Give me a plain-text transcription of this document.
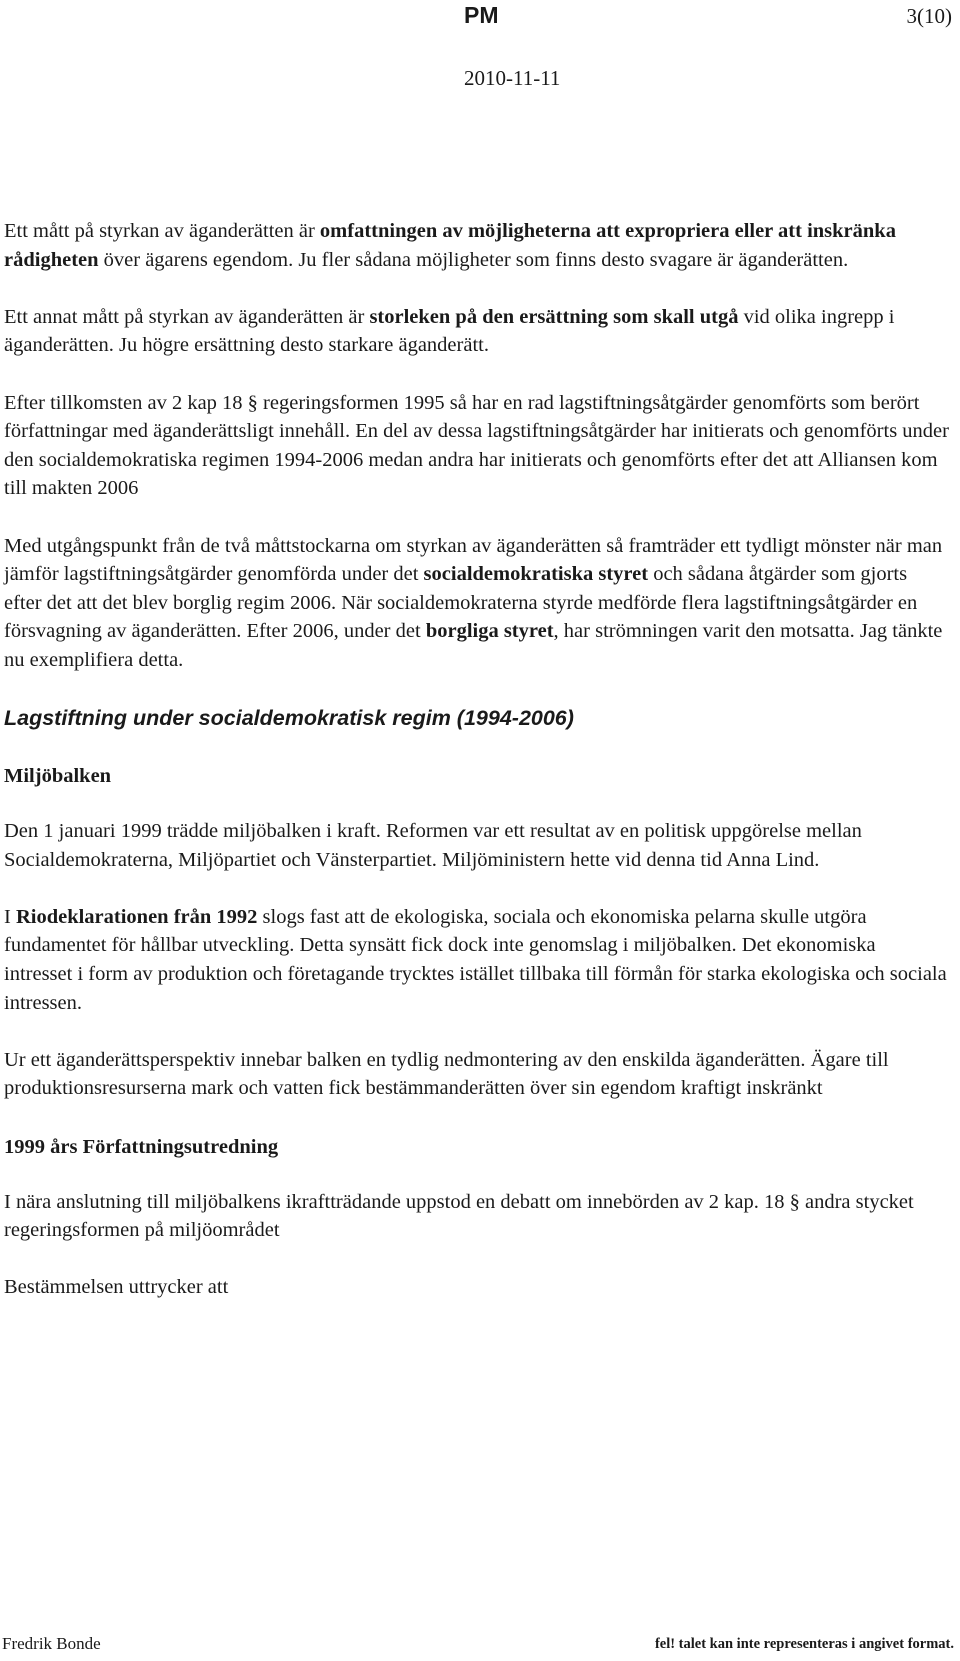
PM	3(10)
2010-11-11

Ett mått på styrkan av äganderätten är omfattningen av möjligheterna att expropriera eller att inskränka rådigheten över ägarens egendom. Ju fler sådana möjligheter som finns desto svagare är äganderätten.

Ett annat mått på styrkan av äganderätten är storleken på den ersättning som skall utgå vid olika ingrepp i äganderätten. Ju högre ersättning desto starkare äganderätt.

Efter tillkomsten av 2 kap 18 § regeringsformen 1995 så har en rad lagstiftningsåtgärder genomförts som berört författningar med äganderättsligt innehåll. En del av dessa lagstiftningsåtgärder har initierats och genomförts under den socialdemokratiska regimen 1994-2006 medan andra har initierats och genomförts efter det att Alliansen kom till makten 2006

Med utgångspunkt från de två måttstockarna om styrkan av äganderätten så framträder ett tydligt mönster när man jämför lagstiftningsåtgärder genomförda under det socialdemokratiska styret och sådana åtgärder som gjorts efter det att det blev borglig regim 2006. När socialdemokraterna styrde medförde flera lagstiftningsåtgärder en försvagning av äganderätten. Efter 2006, under det borgliga styret, har strömningen varit den motsatta. Jag tänkte nu exemplifiera detta.

Lagstiftning under socialdemokratisk regim (1994-2006)
Miljöbalken

Den 1 januari 1999 trädde miljöbalken i kraft. Reformen var ett resultat av en politisk uppgörelse mellan Socialdemokraterna, Miljöpartiet och Vänsterpartiet. Miljöministern hette vid denna tid Anna Lind.

I Riodeklarationen från 1992 slogs fast att de ekologiska, sociala och ekonomiska pelarna skulle utgöra fundamentet för hållbar utveckling. Detta synsätt fick dock inte genomslag i miljöbalken. Det ekonomiska intresset i form av produktion och företagande trycktes istället tillbaka till förmån för starka ekologiska och sociala intressen.

Ur ett äganderättsperspektiv innebar balken en tydlig nedmontering av den enskilda äganderätten. Ägare till produktionsresurserna mark och vatten fick bestämmanderätten över sin egendom kraftigt inskränkt

1999 års Författningsutredning

I nära anslutning till miljöbalkens ikraftträdande uppstod en debatt om innebörden av 2 kap. 18 § andra stycket regeringsformen på miljöområdet

Bestämmelsen uttrycker att

Fredrik Bonde	fel! talet kan inte representeras i angivet format.
